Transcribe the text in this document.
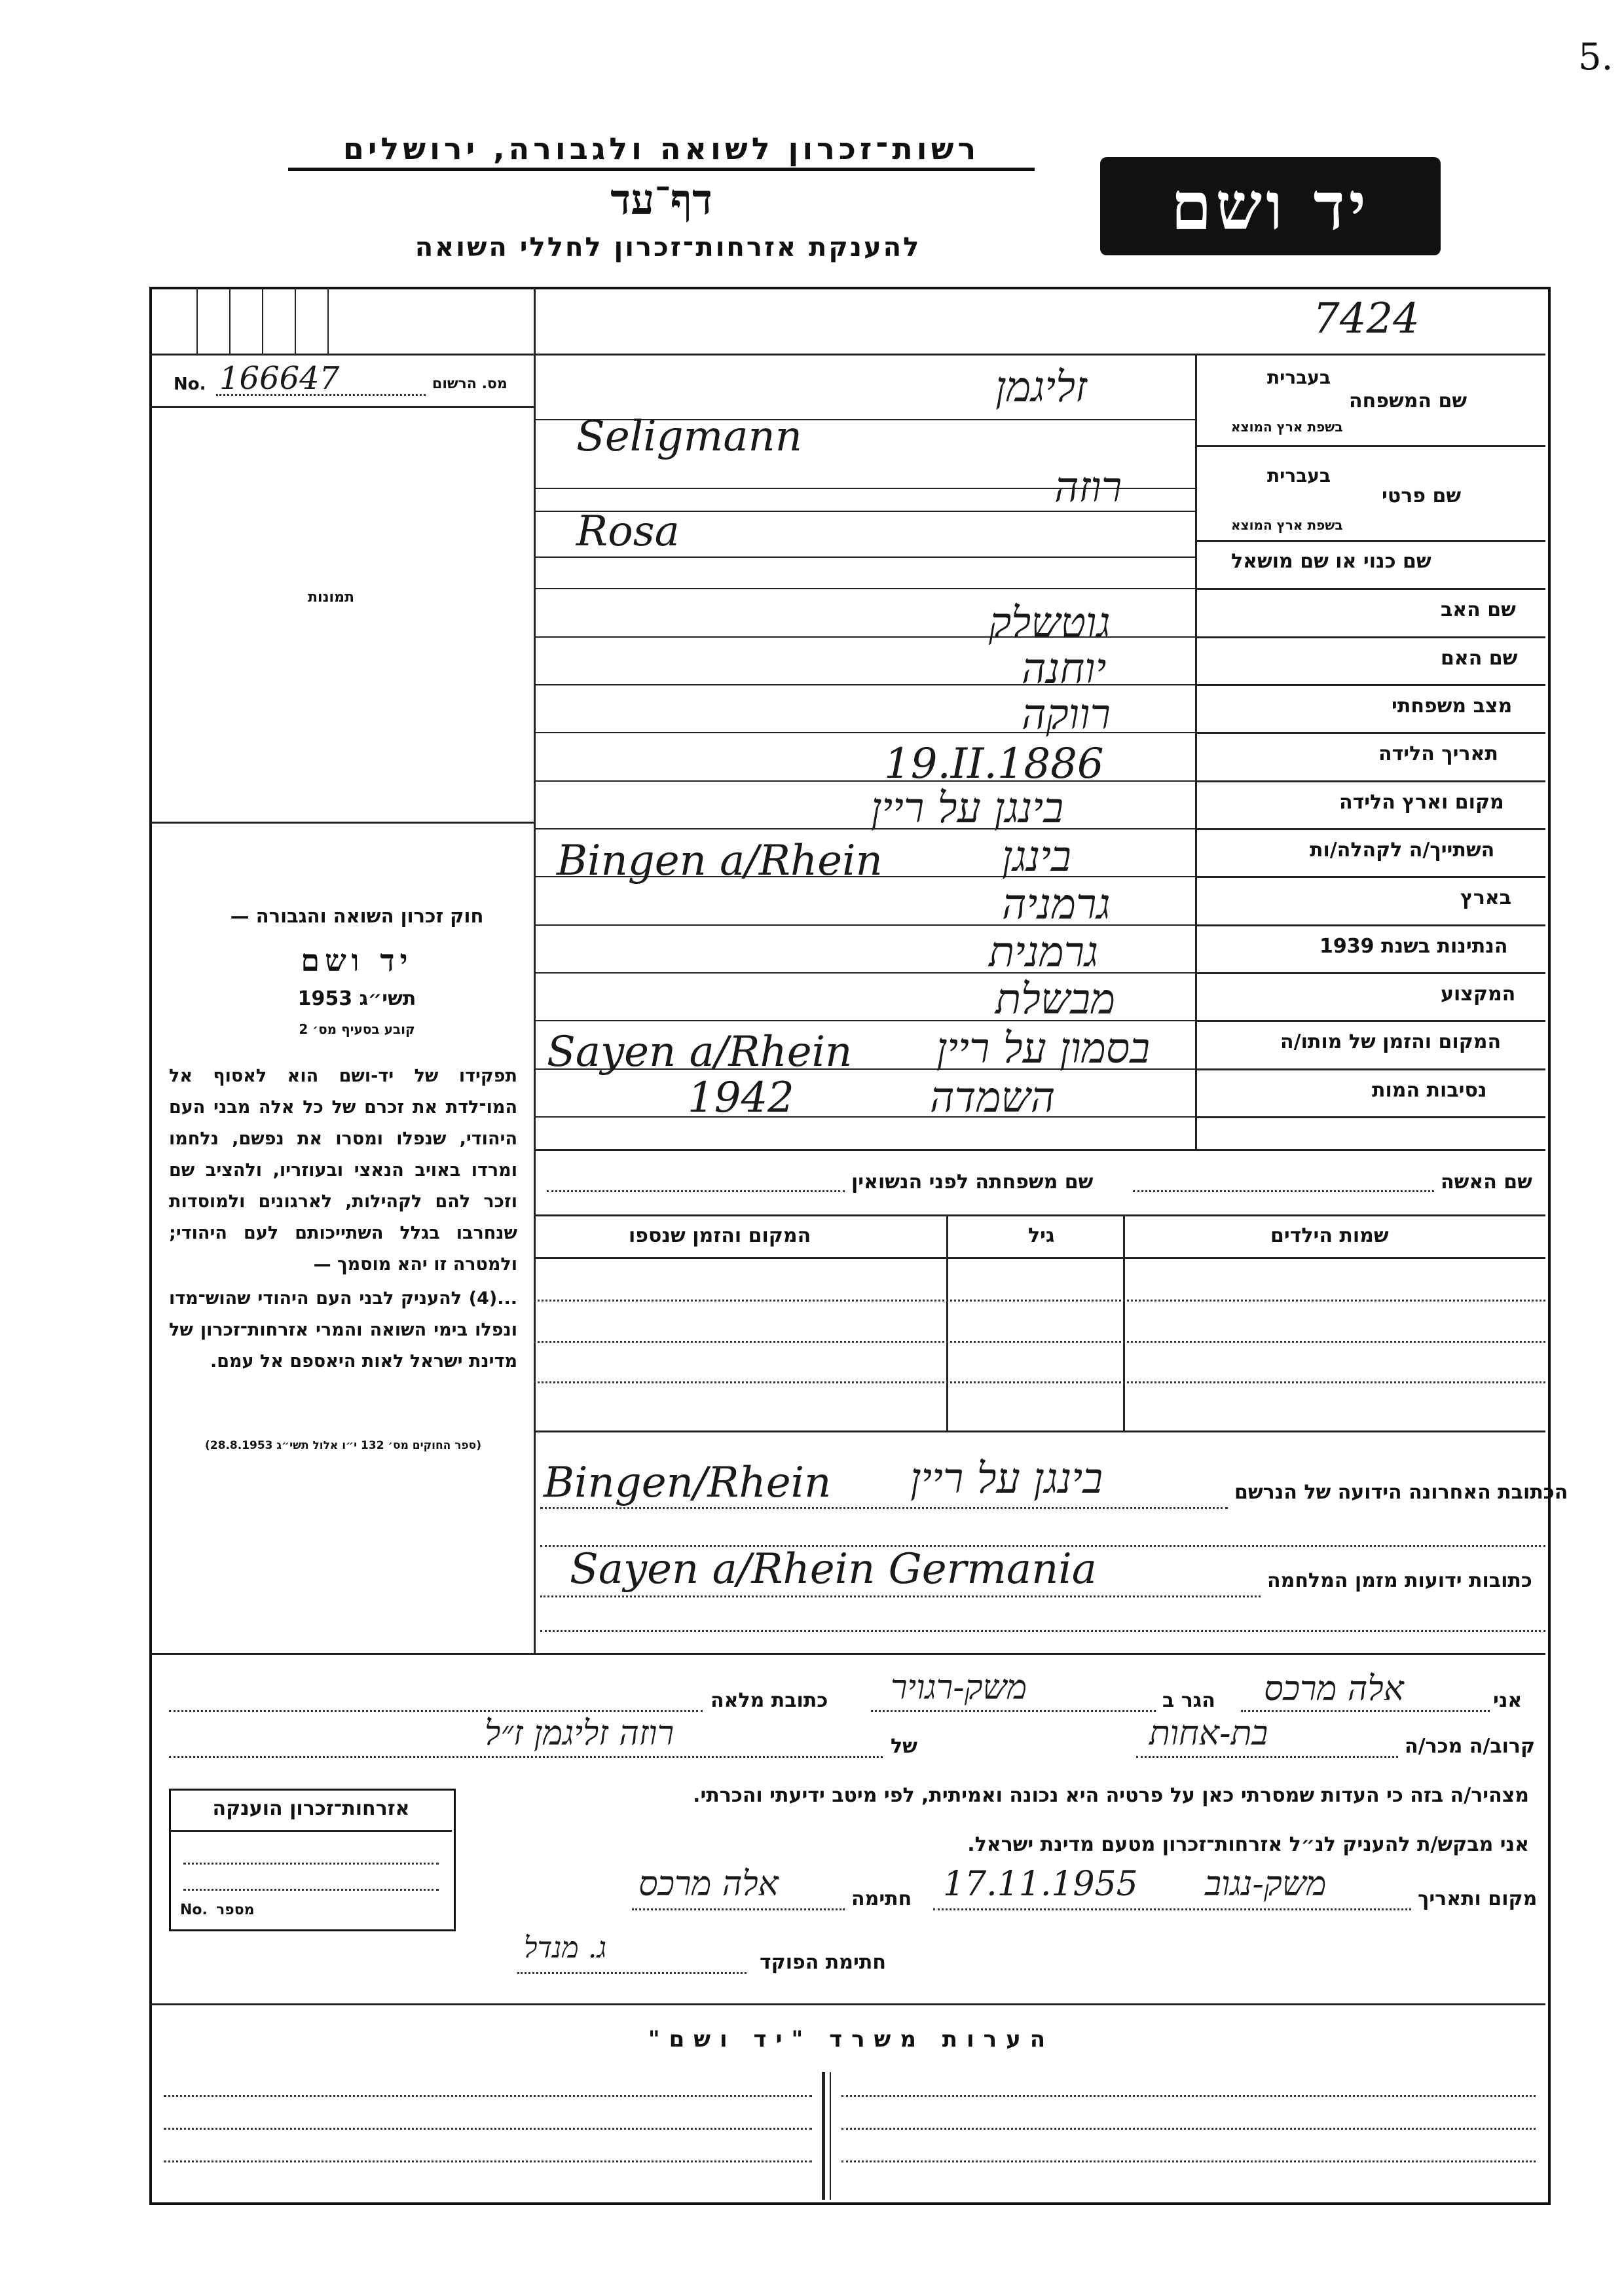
5.
רשות־זכרון לשואה ולגבורה, ירושלים
דף־עד
להענקת אזרחות־זכרון לחללי השואה
יד ושם
7424
No. 166647	מס. הרשום
תמונות
בעברית
שם המשפחה
בשפת ארץ המוצא
בעברית
שם פרטי
בשפת ארץ המוצא
שם כנוי או שם מושאל
שם האב
שם האם
מצב משפחתי
תאריך הלידה
מקום וארץ הלידה
השתייך/ה לקהלה/ות
בארץ
הנתינות בשנת 1939
המקצוע
המקום והזמן של מותו/ה
נסיבות המות
זליגמן
Seligmann
רוזה
Rosa
גוטשלק
יוחנה
רווקה
19.II.1886
בינגן על ריין
בינגן
Bingen a/Rhein
גרמניה
גרמנית
מבשלת
בסמון על ריין
Sayen a/Rhein
השמדה
1942
שם האשה
שם משפחתה לפני הנשואין
שמות הילדים
גיל
המקום והזמן שנספו
הכתובת האחרונה הידועה של הנרשם
בינגן על ריין
Bingen/Rhein
כתובות ידועות מזמן המלחמה
Sayen a/Rhein Germania
חוק זכרון השואה והגבורה —
יד ושם
תשי״ג 1953
קובע בסעיף מס׳ 2
תפקידו של יד-ושם הוא לאסוף אל המו־לדת את זכרם של כל אלה מבני העם היהודי, שנפלו ומסרו את נפשם, נלחמו ומרדו באויב הנאצי ובעוזריו, ולהציב שם וזכר להם לקהילות, לארגונים ולמוסדות שנחרבו בגלל השתייכותם לעם היהודי; ולמטרה זו יהא מוסמך —
...(4) להעניק לבני העם היהודי שהוש־מדו ונפלו בימי השואה והמרי אזרחות־זכרון של מדינת ישראל לאות היאספם אל עמם.
(ספר החוקים מס׳ 132 י״ו אלול תשי״ג 28.8.1953)
אני
אלה מרכס
הגר ב
משק-רגויר
כתובת מלאה
קרוב/ה מכר/ה
בת-אחות
של
רוזה זליגמן ז״ל
מצהיר/ה בזה כי העדות שמסרתי כאן על פרטיה היא נכונה ואמיתית, לפי מיטב ידיעתי והכרתי.
אני מבקש/ת להעניק לנ״ל אזרחות־זכרון מטעם מדינת ישראל.
מקום ותאריך
משק-נגוב
17.11.1955
חתימה
אלה מרכס
חתימת הפוקד
ג. מנדל
אזרחות־זכרון הוענקה
No. מספר
הערות משרד "יד ושם"
